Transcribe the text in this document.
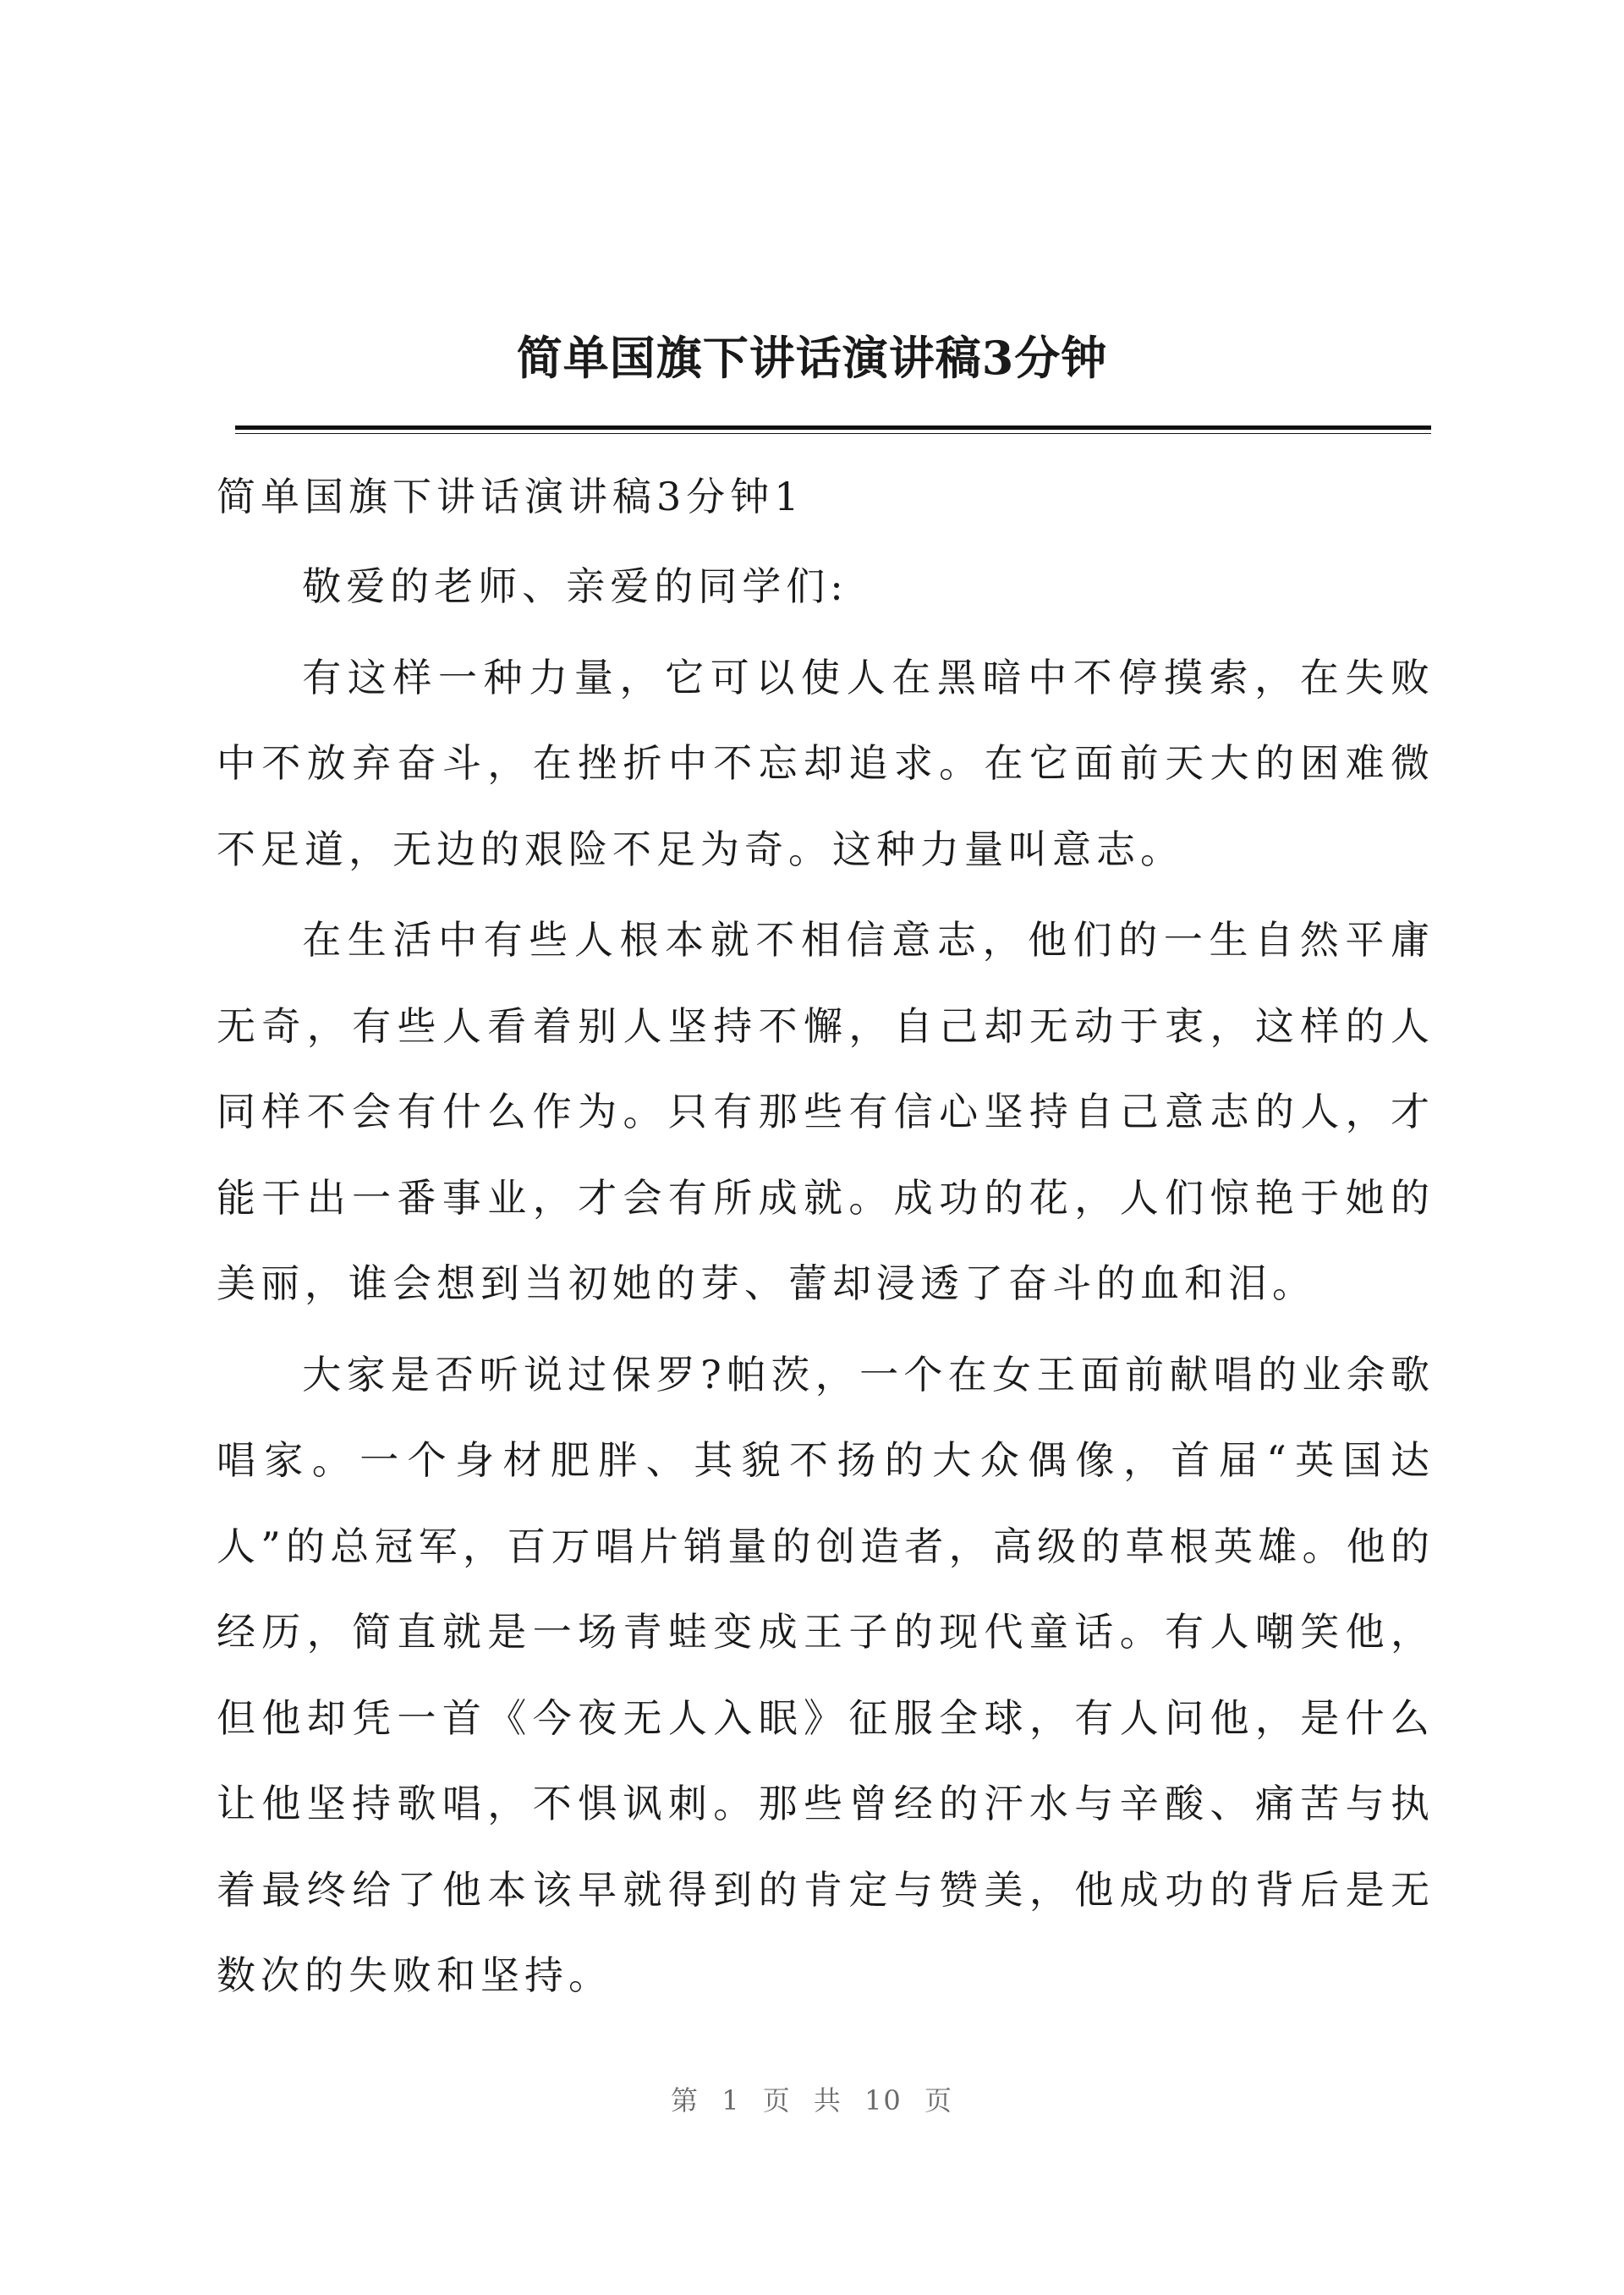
简单国旗下讲话演讲稿3分钟
简单国旗下讲话演讲稿3分钟1

敬爱的老师、亲爱的同学们:

有这样一种力量，它可以使人在黑暗中不停摸索，在失败中不放弃奋斗，在挫折中不忘却追求。在它面前天大的困难微不足道，无边的艰险不足为奇。这种力量叫意志。

在生活中有些人根本就不相信意志，他们的一生自然平庸无奇，有些人看着别人坚持不懈，自己却无动于衷，这样的人同样不会有什么作为。只有那些有信心坚持自己意志的人，才能干出一番事业，才会有所成就。成功的花，人们惊艳于她的美丽，谁会想到当初她的芽、蕾却浸透了奋斗的血和泪。

大家是否听说过保罗?帕茨，一个在女王面前献唱的业余歌唱家。一个身材肥胖、其貌不扬的大众偶像，首届“英国达人”的总冠军，百万唱片销量的创造者，高级的草根英雄。他的经历，简直就是一场青蛙变成王子的现代童话。有人嘲笑他，但他却凭一首《今夜无人入眠》征服全球，有人问他，是什么让他坚持歌唱，不惧讽刺。那些曾经的汗水与辛酸、痛苦与执着最终给了他本该早就得到的肯定与赞美，他成功的背后是无数次的失败和坚持。

第 1 页 共 10 页
